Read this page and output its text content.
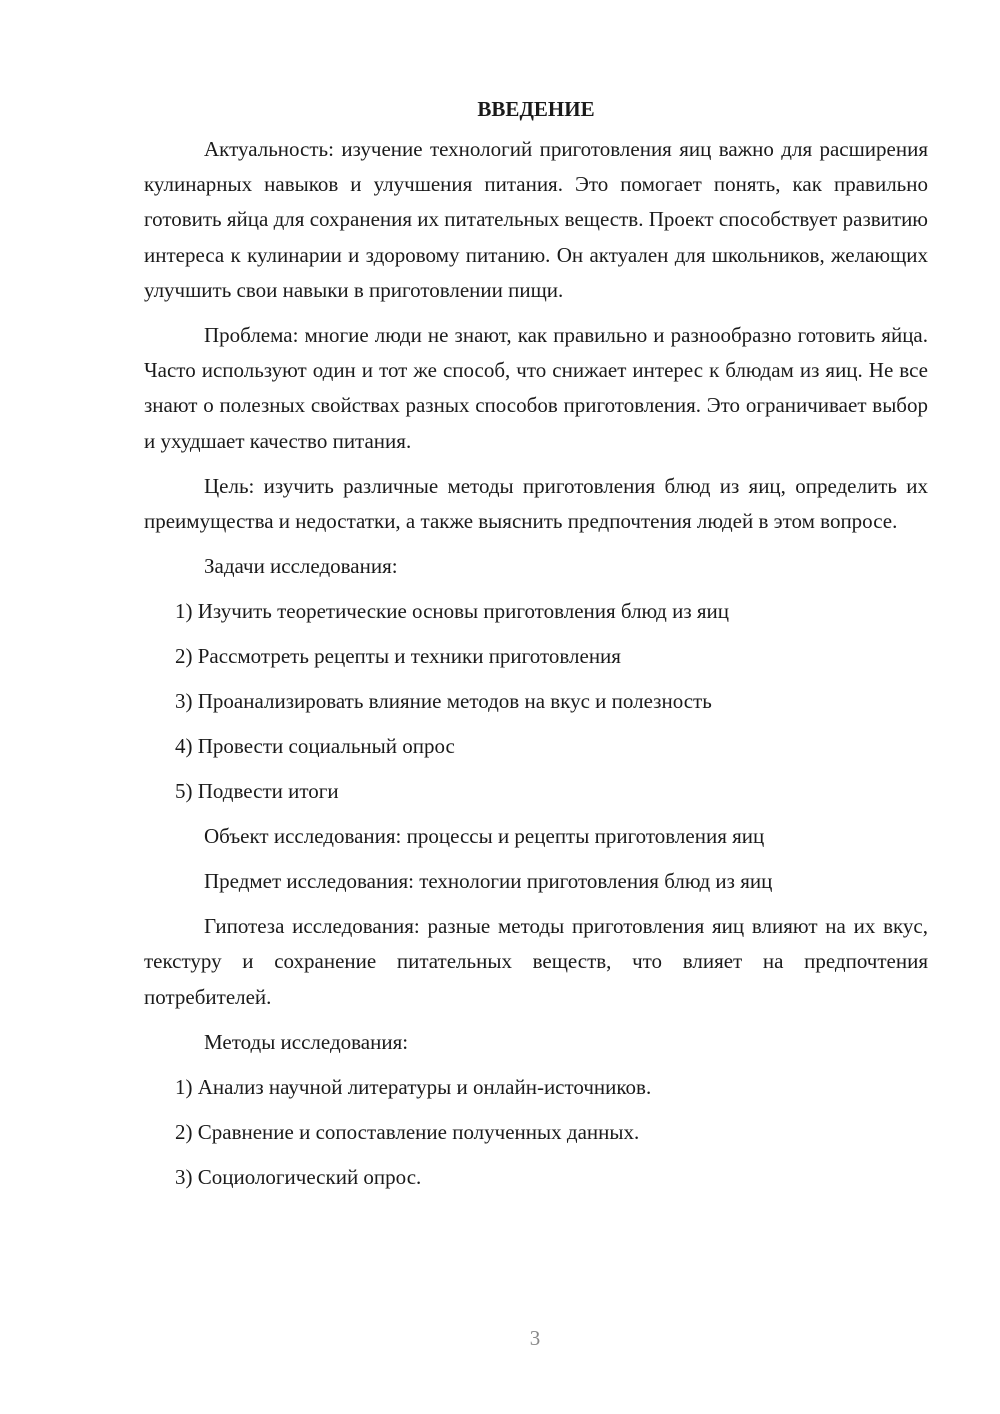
ВВЕДЕНИЕ

Актуальность: изучение технологий приготовления яиц важно для расширения кулинарных навыков и улучшения питания. Это помогает понять, как правильно готовить яйца для сохранения их питательных веществ. Проект способствует развитию интереса к кулинарии и здоровому питанию. Он актуален для школьников, желающих улучшить свои навыки в приготовлении пищи.

Проблема: многие люди не знают, как правильно и разнообразно готовить яйца. Часто используют один и тот же способ, что снижает интерес к блюдам из яиц. Не все знают о полезных свойствах разных способов приготовления. Это ограничивает выбор и ухудшает качество питания.

Цель: изучить различные методы приготовления блюд из яиц, определить их преимущества и недостатки, а также выяснить предпочтения людей в этом вопросе.

Задачи исследования:
1) Изучить теоретические основы приготовления блюд из яиц
2) Рассмотреть рецепты и техники приготовления
3) Проанализировать влияние методов на вкус и полезность
4) Провести социальный опрос
5) Подвести итоги
Объект исследования: процессы и рецепты приготовления яиц
Предмет исследования: технологии приготовления блюд из яиц

Гипотеза исследования: разные методы приготовления яиц влияют на их вкус, текстуру и сохранение питательных веществ, что влияет на предпочтения потребителей.

Методы исследования:
1) Анализ научной литературы и онлайн-источников.
2) Сравнение и сопоставление полученных данных.
3) Социологический опрос.
3
